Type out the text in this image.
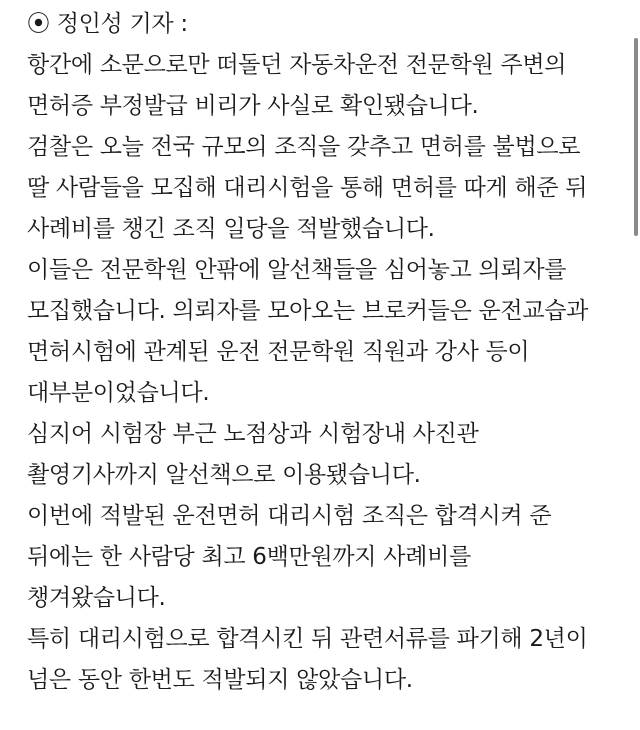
⦿ 정인성 기자 :
항간에 소문으로만 떠돌던 자동차운전 전문학원 주변의
면허증 부정발급 비리가 사실로 확인됐습니다.
검찰은 오늘 전국 규모의 조직을 갖추고 면허를 불법으로
딸 사람들을 모집해 대리시험을 통해 면허를 따게 해준 뒤
사례비를 챙긴 조직 일당을 적발했습니다.
이들은 전문학원 안팎에 알선책들을 심어놓고 의뢰자를
모집했습니다. 의뢰자를 모아오는 브로커들은 운전교습과
면허시험에 관계된 운전 전문학원 직원과 강사 등이
대부분이었습니다.
심지어 시험장 부근 노점상과 시험장내 사진관
촬영기사까지 알선책으로 이용됐습니다.
이번에 적발된 운전면허 대리시험 조직은 합격시켜 준
뒤에는 한 사람당 최고 6백만원까지 사례비를
챙겨왔습니다.
특히 대리시험으로 합격시킨 뒤 관련서류를 파기해 2년이
넘은 동안 한번도 적발되지 않았습니다.
